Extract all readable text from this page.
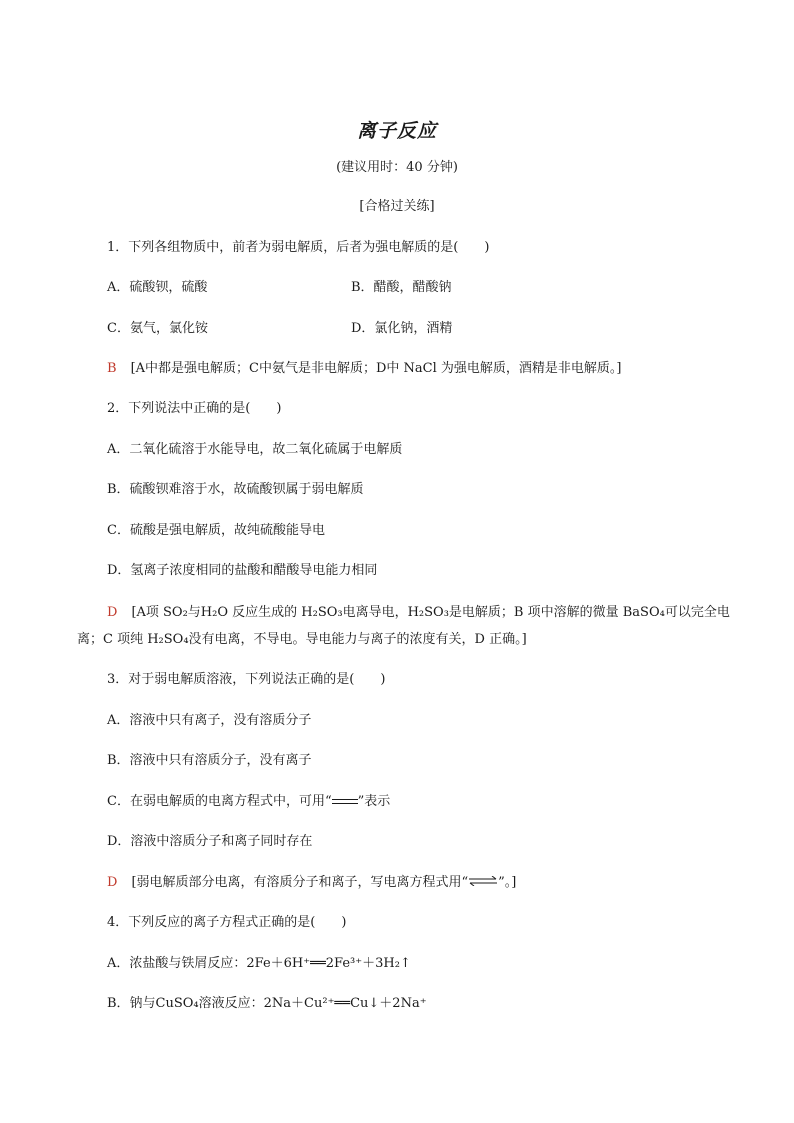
离子反应
(建议用时：40 分钟)
[合格过关练]
1．下列各组物质中，前者为弱电解质，后者为强电解质的是(　　)
A．硫酸钡，硫酸	B．醋酸，醋酸钠
C．氨气，氯化铵	D．氯化钠，酒精
B [A中都是强电解质；C中氨气是非电解质；D中 NaCl 为强电解质，酒精是非电解质。]
2．下列说法中正确的是(　　)
A．二氧化硫溶于水能导电，故二氧化硫属于电解质
B．硫酸钡难溶于水，故硫酸钡属于弱电解质
C．硫酸是强电解质，故纯硫酸能导电
D．氢离子浓度相同的盐酸和醋酸导电能力相同
D [A项 SO₂与H₂O 反应生成的 H₂SO₃电离导电，H₂SO₃是电解质；B 项中溶解的微量 BaSO₄可以完全电
离；C 项纯 H₂SO₄没有电离，不导电。导电能力与离子的浓度有关，D 正确。]
3．对于弱电解质溶液，下列说法正确的是(　　)
A．溶液中只有离子，没有溶质分子
B．溶液中只有溶质分子，没有离子
C．在弱电解质的电离方程式中，可用“ ”表示
D．溶液中溶质分子和离子同时存在
D [弱电解质部分电离，有溶质分子和离子，写电离方程式用“⇌”。]
4．下列反应的离子方程式正确的是(　　)
A．浓盐酸与铁屑反应：2Fe＋6H⁺══2Fe³⁺＋3H₂↑
B．钠与CuSO₄溶液反应：2Na＋Cu²⁺══Cu↓＋2Na⁺
